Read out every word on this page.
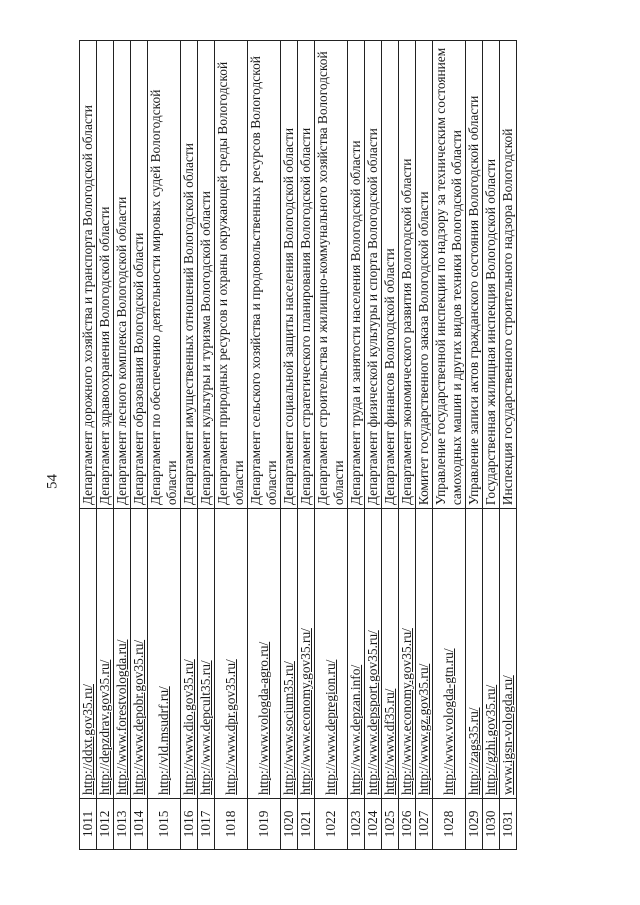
54
1011	http://ddxt.gov35.ru/	Департамент дорожного хозяйства и транспорта Вологодской области
1012	http://depzdrav.gov35.ru/	Департамент здравоохранения Вологодской области
1013	http://www.forestvologda.ru/	Департамент лесного комплекса Вологодской области
1014	http://www.depobr.gov35.ru/	Департамент образования Вологодской области
1015	http://vld.msudrf.ru/	Департамент по обеспечению деятельности мировых судей Вологодской области
1016	http://www.dio.gov35.ru/	Департамент имущественных отношений Вологодской области
1017	http://www.depcult35.ru/	Департамент культуры и туризма Вологодской области
1018	http://www.dpr.gov35.ru/	Департамент природных ресурсов и охраны окружающей среды Вологодской области
1019	http://www.vologda-agro.ru/	Департамент сельского хозяйства и продовольственных ресурсов Вологодской области
1020	http://www.socium35.ru/	Департамент социальной защиты населения Вологодской области
1021	http://www.economy.gov35.ru/	Департамент стратегического планирования Вологодской области
1022	http://www.depregion.ru/	Департамент строительства и жилищно-коммунального хозяйства Вологодской области
1023	http://www.depzan.info/	Департамент труда и занятости населения Вологодской области
1024	http://www.depsport.gov35.ru/	Департамент физической культуры и спорта Вологодской области
1025	http://www.df35.ru/	Департамент финансов Вологодской области
1026	http://www.economy.gov35.ru/	Департамент экономического развития Вологодской области
1027	http://www.gz.gov35.ru/	Комитет государственного заказа Вологодской области
1028	http://www.vologda-gtn.ru/	Управление государственной инспекции по надзору за техническим состоянием самоходных машин и других видов техники Вологодской области
1029	http://zags35.ru/	Управление записи актов гражданского состояния Вологодской области
1030	http://gzhi.gov35.ru/	Государственная жилищная инспекция Вологодской области
1031	www.igsn-vologda.ru/	Инспекция государственного строительного надзора Вологодской
